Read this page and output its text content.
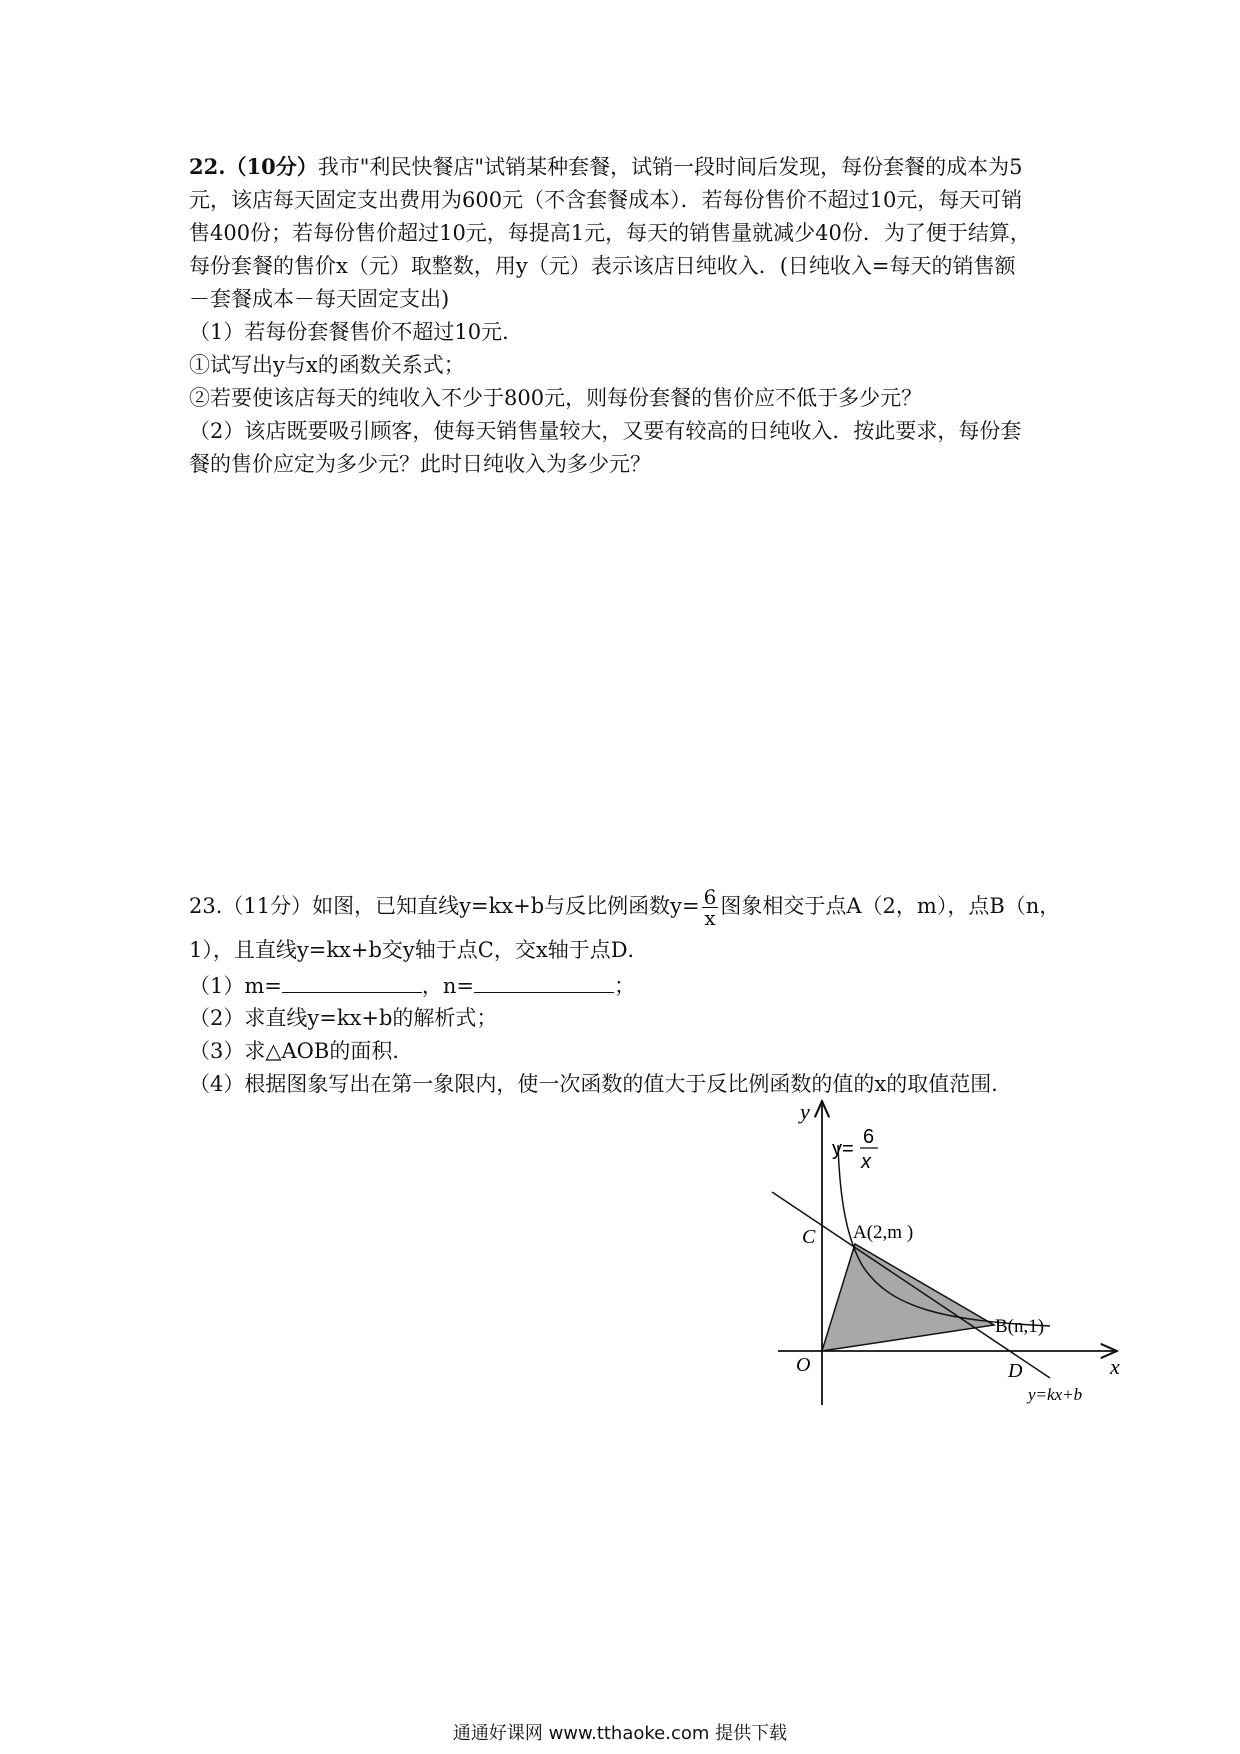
22.（10分）我市"利民快餐店"试销某种套餐，试销一段时间后发现，每份套餐的成本为5
元，该店每天固定支出费用为600元（不含套餐成本）．若每份售价不超过10元，每天可销
售400份；若每份售价超过10元，每提高1元，每天的销售量就减少40份．为了便于结算，
每份套餐的售价x（元）取整数，用y（元）表示该店日纯收入．(日纯收入=每天的销售额
－套餐成本－每天固定支出)
（1）若每份套餐售价不超过10元．
①试写出y与x的函数关系式；
②若要使该店每天的纯收入不少于800元，则每份套餐的售价应不低于多少元？
（2）该店既要吸引顾客，使每天销售量较大，又要有较高的日纯收入．按此要求，每份套
餐的售价应定为多少元？此时日纯收入为多少元？
23.（11分）如图，已知直线y=kx+b与反比例函数$y= \frac{6}{x}$ 图象相交于点A（2，m），点B（n，
1），且直线y=kx+b交y轴于点C，交x轴于点D．
（1）m=	，n=	；
（2）求直线y=kx+b的解析式；
（3）求△AOB的面积．
（4）根据图象写出在第一象限内，使一次函数的值大于反比例函数的值的x的取值范围．
y
x
y=
6
x
C A(2,m )
B(n,1)
O	D
y=kx+b
通通好课网 www.tthaoke.com 提供下载
